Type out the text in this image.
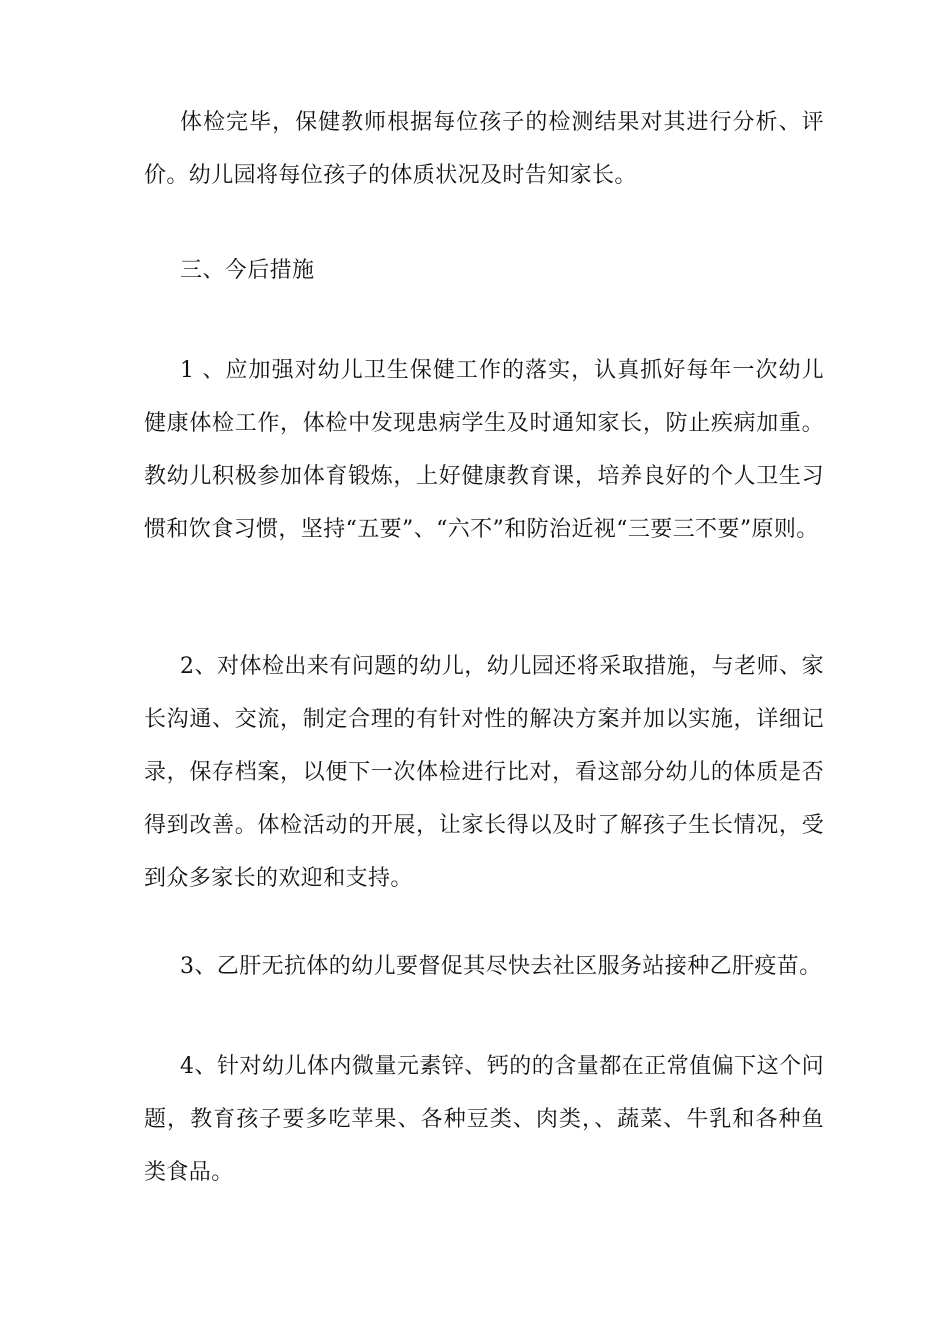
体检完毕，保健教师根据每位孩子的检测结果对其进行分析、评价。幼儿园将每位孩子的体质状况及时告知家长。

三、今后措施

1 、应加强对幼儿卫生保健工作的落实，认真抓好每年一次幼儿健康体检工作，体检中发现患病学生及时通知家长，防止疾病加重。教幼儿积极参加体育锻炼，上好健康教育课，培养良好的个人卫生习惯和饮食习惯，坚持“五要”、“六不”和防治近视“三要三不要”原则。

2、对体检出来有问题的幼儿，幼儿园还将采取措施，与老师、家长沟通、交流，制定合理的有针对性的解决方案并加以实施，详细记录，保存档案，以便下一次体检进行比对，看这部分幼儿的体质是否得到改善。体检活动的开展，让家长得以及时了解孩子生长情况，受到众多家长的欢迎和支持。

3、乙肝无抗体的幼儿要督促其尽快去社区服务站接种乙肝疫苗。

4、针对幼儿体内微量元素锌、钙的的含量都在正常值偏下这个问题，教育孩子要多吃苹果、各种豆类、肉类，、蔬菜、牛乳和各种鱼类食品。
